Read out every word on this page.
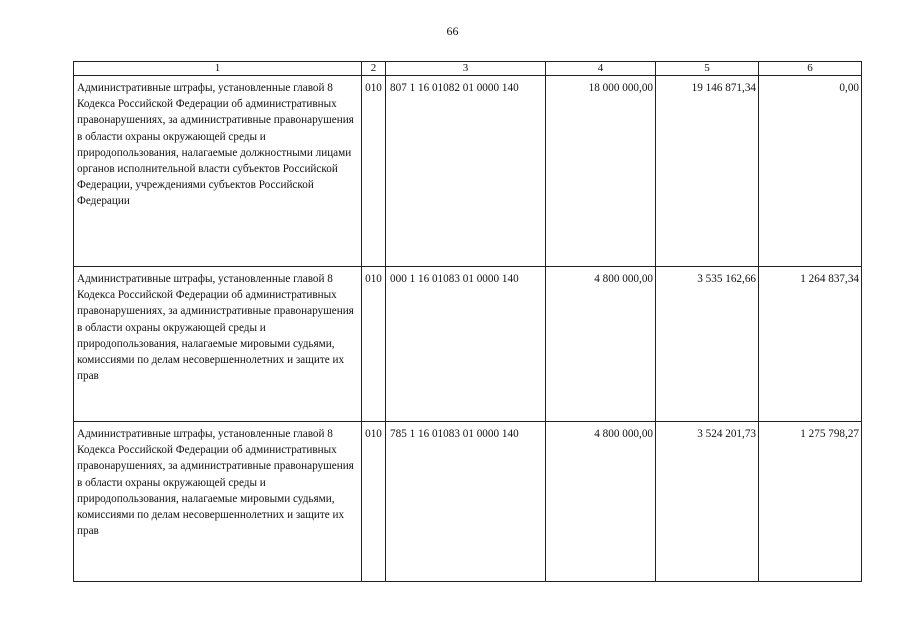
66
1	2	3	4	5	6
Административные штрафы, установленные главой 8 Кодекса Российской Федерации об административных правонарушениях, за административные правонарушения в области охраны окружающей среды и природопользования, налагаемые должностными лицами органов исполнительной власти субъектов Российской Федерации, учреждениями субъектов Российской Федерации	010	807 1 16 01082 01 0000 140	18 000 000,00	19 146 871,34	0,00
Административные штрафы, установленные главой 8 Кодекса Российской Федерации об административных правонарушениях, за административные правонарушения в области охраны окружающей среды и природопользования, налагаемые мировыми судьями, комиссиями по делам несовершеннолетних и защите их прав	010	000 1 16 01083 01 0000 140	4 800 000,00	3 535 162,66	1 264 837,34
Административные штрафы, установленные главой 8 Кодекса Российской Федерации об административных правонарушениях, за административные правонарушения в области охраны окружающей среды и природопользования, налагаемые мировыми судьями, комиссиями по делам несовершеннолетних и защите их прав	010	785 1 16 01083 01 0000 140	4 800 000,00	3 524 201,73	1 275 798,27
